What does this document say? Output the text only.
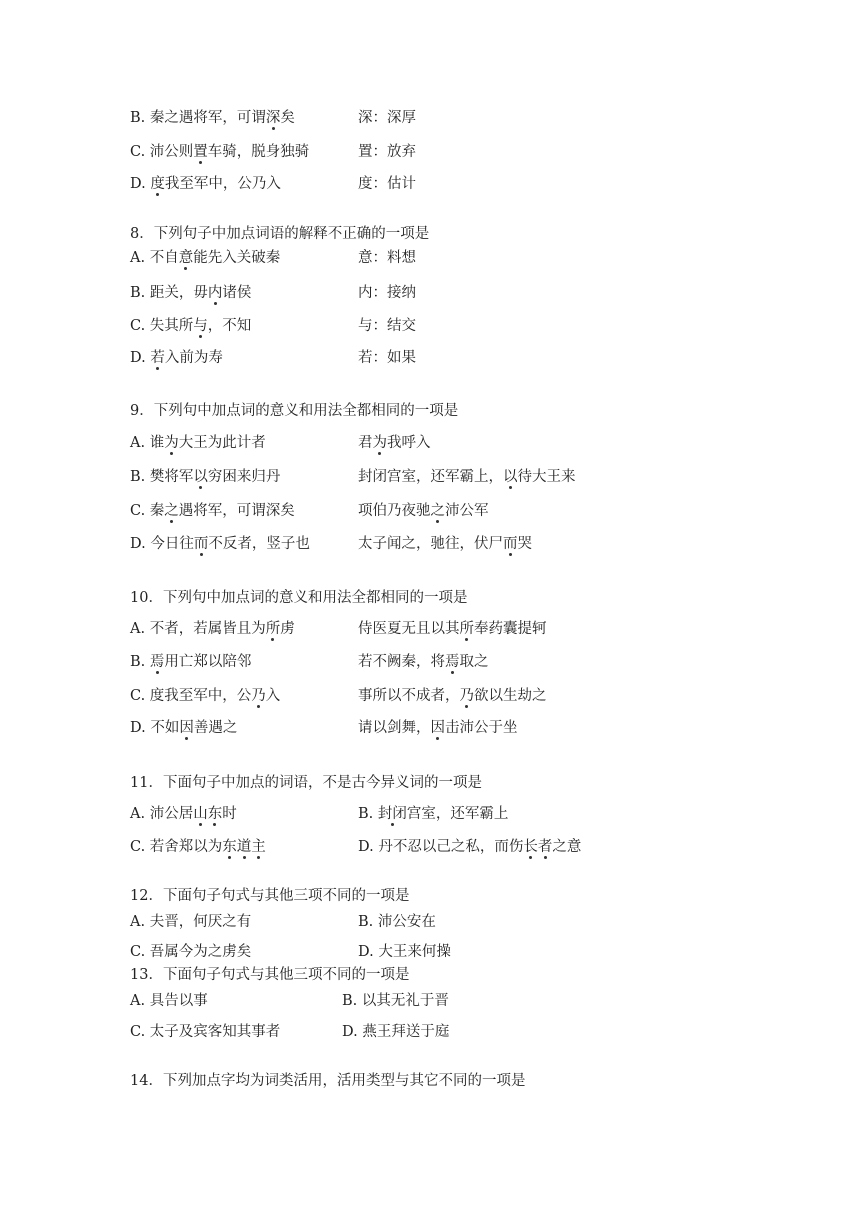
B. 秦之遇将军，可谓深矣	深：深厚
C. 沛公则置车骑，脱身独骑	置：放弃
D. 度我至军中，公乃入	度：估计
8．下列句子中加点词语的解释不正确的一项是
A. 不自意能先入关破秦	意：料想
B. 距关，毋内诸侯	内：接纳
C. 失其所与，不知	与：结交
D. 若入前为寿	若：如果
9．下列句中加点词的意义和用法全都相同的一项是
A. 谁为大王为此计者	君为我呼入
B. 樊将军以穷困来归丹	封闭宫室，还军霸上，以待大王来
C. 秦之遇将军，可谓深矣	项伯乃夜驰之沛公军
D. 今日往而不反者，竖子也	太子闻之，驰往，伏尸而哭
10．下列句中加点词的意义和用法全都相同的一项是
A. 不者，若属皆且为所虏	侍医夏无且以其所奉药囊提轲
B. 焉用亡郑以陪邻	若不阙秦，将焉取之
C. 度我至军中，公乃入	事所以不成者，乃欲以生劫之
D. 不如因善遇之	请以剑舞，因击沛公于坐
11．下面句子中加点的词语，不是古今异义词的一项是
A. 沛公居山东时	B. 封闭宫室，还军霸上
C. 若舍郑以为东道主	D. 丹不忍以己之私，而伤长者之意
12．下面句子句式与其他三项不同的一项是
A. 夫晋，何厌之有	B. 沛公安在
C. 吾属今为之虏矣	D. 大王来何操
13．下面句子句式与其他三项不同的一项是
A. 具告以事	B. 以其无礼于晋
C. 太子及宾客知其事者	D. 燕王拜送于庭
14．下列加点字均为词类活用，活用类型与其它不同的一项是
